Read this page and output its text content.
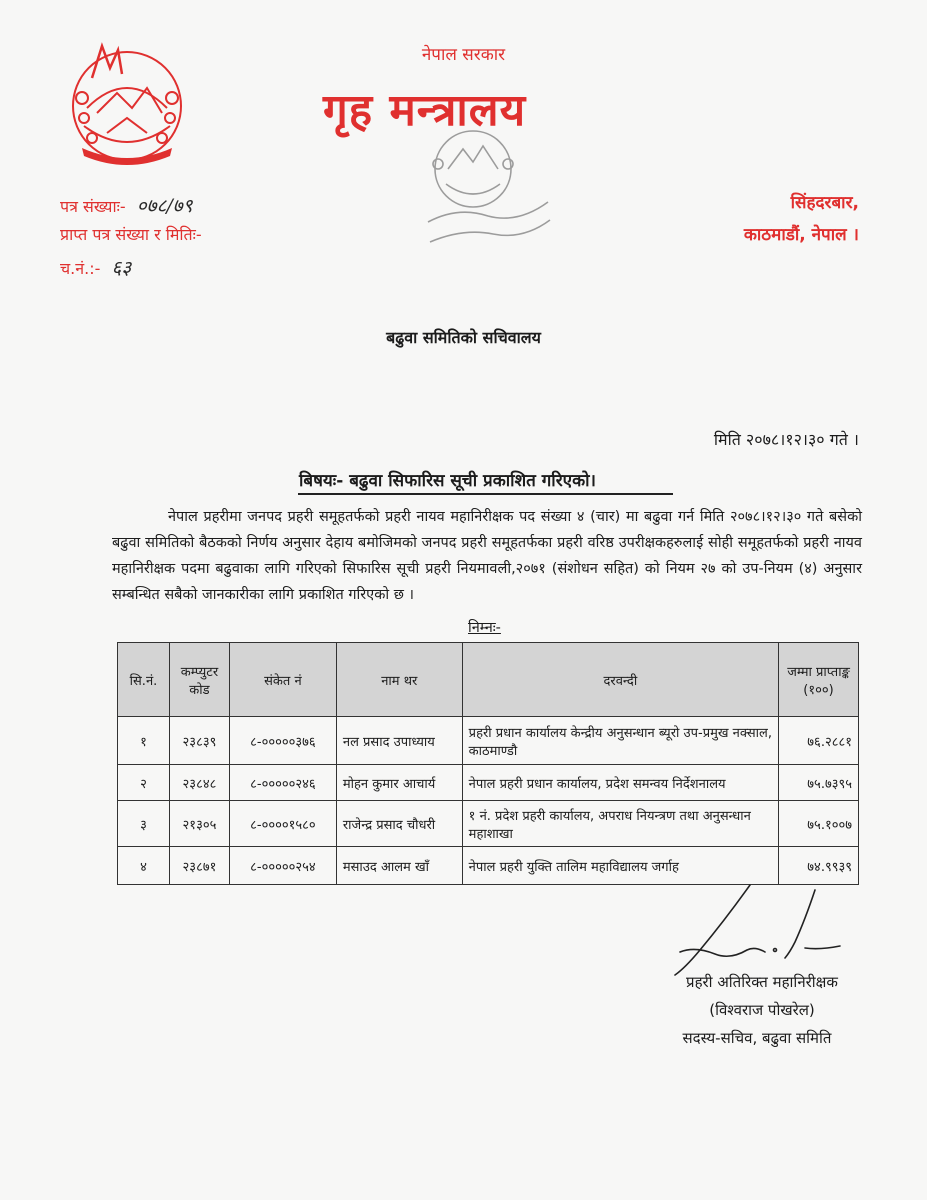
नेपाल सरकार
गृह मन्त्रालय
पत्र संख्याः- ०७८/७९
प्राप्त पत्र संख्या र मितिः-
च.नं.:- ६३
सिंहदरबार,
काठमाडौं, नेपाल ।
बढुवा समितिको सचिवालय
मिति २०७८।१२।३० गते ।
बिषयः- बढुवा सिफारिस सूची प्रकाशित गरिएको।
नेपाल प्रहरीमा जनपद प्रहरी समूहतर्फको प्रहरी नायव महानिरीक्षक पद संख्या ४ (चार) मा बढुवा गर्न मिति २०७८।१२।३० गते बसेको बढुवा समितिको बैठकको निर्णय अनुसार देहाय बमोजिमको जनपद प्रहरी समूहतर्फका प्रहरी वरिष्ठ उपरीक्षकहरुलाई सोही समूहतर्फको प्रहरी नायव महानिरीक्षक पदमा बढुवाका लागि गरिएको सिफारिस सूची प्रहरी नियमावली,२०७१ (संशोधन सहित) को नियम २७ को उप-नियम (४) अनुसार सम्बन्धित सबैको जानकारीका लागि प्रकाशित गरिएको छ ।
निम्नः-
सि.नं.	कम्प्युटर कोड	संकेत नं	नाम थर	दरवन्दी	जम्मा प्राप्ताङ्क (१००)
१	२३८३९	८-०००००३७६	नल प्रसाद उपाध्याय	प्रहरी प्रधान कार्यालय केन्द्रीय अनुसन्धान ब्यूरो उप-प्रमुख नक्साल, काठमाण्डौ	७६.२८८१
२	२३८४८	८-०००००२४६	मोहन कुमार आचार्य	नेपाल प्रहरी प्रधान कार्यालय, प्रदेश समन्वय निर्देशनालय	७५.७३९५
३	२१३०५	८-००००१५८०	राजेन्द्र प्रसाद चौधरी	१ नं. प्रदेश प्रहरी कार्यालय, अपराध नियन्त्रण तथा अनुसन्धान महाशाखा	७५.१००७
४	२३८७१	८-०००००२५४	मसाउद आलम खाँ	नेपाल प्रहरी युक्ति तालिम महाविद्यालय जर्गाह	७४.९९३९
प्रहरी अतिरिक्त महानिरीक्षक
(विश्वराज पोखरेल)
सदस्य-सचिव, बढुवा समिति
